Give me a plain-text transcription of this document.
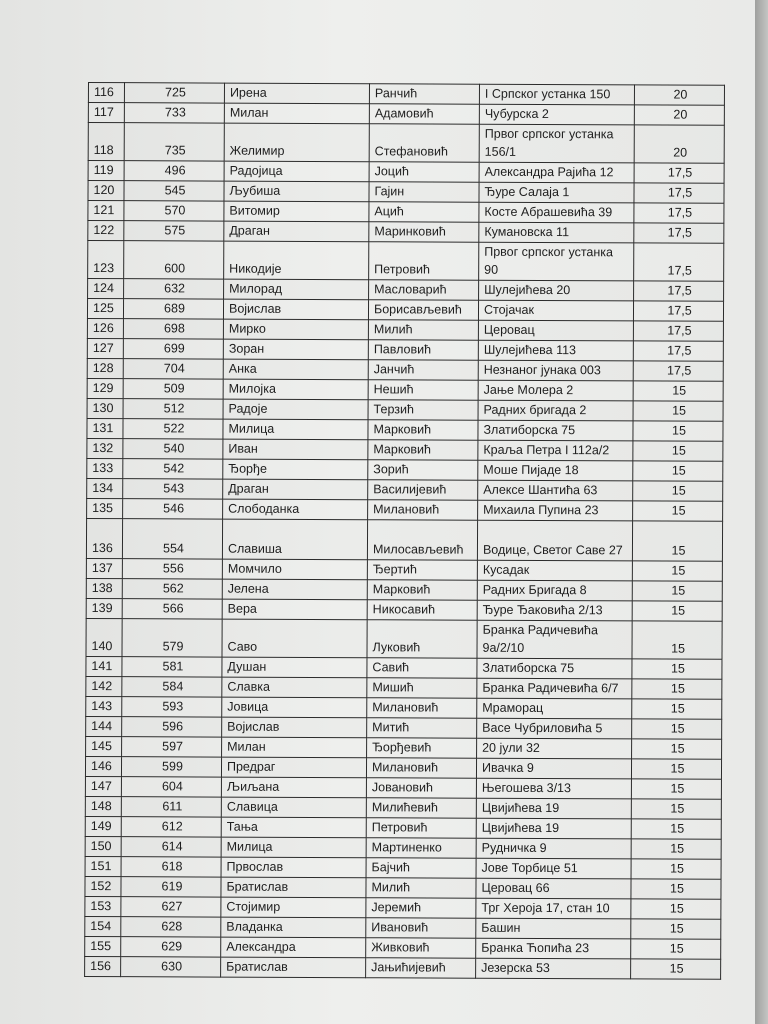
116	725	Ирена	Ранчић	I Српског устанка 150	20
117	733	Милан	Адамовић	Чубурска 2	20
118	735	Желимир	Стефановић	Првог српског устанка 156/1	20
119	496	Радојица	Јоцић	Александра Рајића 12	17,5
120	545	Љубиша	Гајин	Ђуре Салаја 1	17,5
121	570	Витомир	Ацић	Косте Абрашевића 39	17,5
122	575	Драган	Маринковић	Кумановска 11	17,5
123	600	Никодије	Петровић	Првог српског устанка 90	17,5
124	632	Милорад	Масловарић	Шулејићева 20	17,5
125	689	Војислав	Борисављевић	Стојачак	17,5
126	698	Мирко	Милић	Церовац	17,5
127	699	Зоран	Павловић	Шулејићева 113	17,5
128	704	Анка	Јанчић	Незнаног јунака 003	17,5
129	509	Милојка	Нешић	Јање Молера 2	15
130	512	Радоје	Терзић	Радних бригада 2	15
131	522	Милица	Марковић	Златиборска 75	15
132	540	Иван	Марковић	Краља Петра I 112а/2	15
133	542	Ђорђе	Зорић	Моше Пијаде 18	15
134	543	Драган	Василијевић	Алексе Шантића 63	15
135	546	Слободанка	Милановић	Михаила Пупина 23	15
136	554	Славиша	Милосављевић	Водице, Светог Саве 27	15
137	556	Момчило	Ђертић	Кусадак	15
138	562	Јелена	Марковић	Радних Бригада 8	15
139	566	Вера	Никосавић	Ђуре Ђаковића 2/13	15
140	579	Саво	Луковић	Бранка Радичевића 9а/2/10	15
141	581	Душан	Савић	Златиборска 75	15
142	584	Славка	Мишић	Бранка Радичевића 6/7	15
143	593	Јовица	Милановић	Мраморац	15
144	596	Војислав	Митић	Васе Чубриловића 5	15
145	597	Милан	Ђорђевић	20 јули 32	15
146	599	Предраг	Милановић	Ивачка 9	15
147	604	Љиљана	Јовановић	Његошева 3/13	15
148	611	Славица	Милићевић	Цвијићева 19	15
149	612	Тања	Петровић	Цвијићева 19	15
150	614	Милица	Мартиненко	Рудничка 9	15
151	618	Првослав	Бајчић	Јове Торбице 51	15
152	619	Братислав	Милић	Церовац 66	15
153	627	Стојимир	Јеремић	Трг Хероја 17, стан 10	15
154	628	Владанка	Ивановић	Башин	15
155	629	Александра	Живковић	Бранка Ћопића 23	15
156	630	Братислав	Јањићијевић	Језерска 53	15
